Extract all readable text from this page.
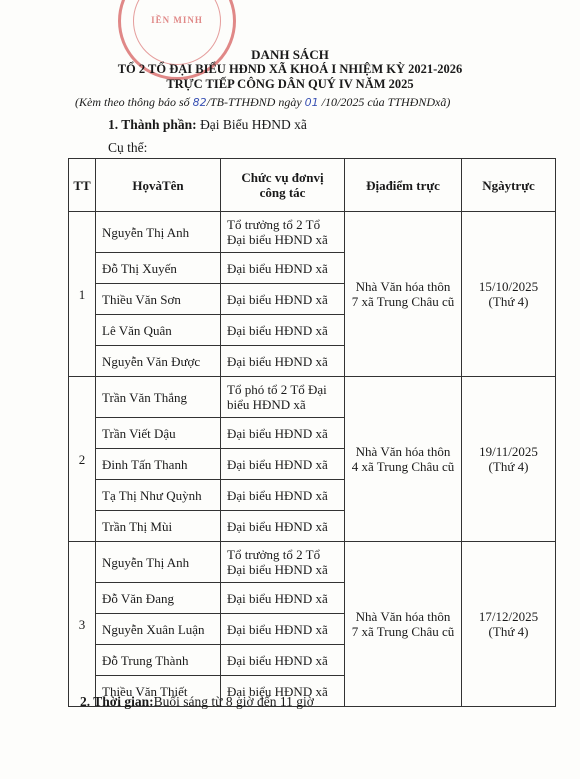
IỀN MINH
DANH SÁCH
TỔ 2 TỔ ĐẠI BIỂU HĐND XÃ KHOÁ I NHIỆM KỲ 2021-2026
TRỰC TIẾP CÔNG DÂN QUÝ IV NĂM 2025
(Kèm theo thông báo số 82/TB-TTHĐND ngày 01 /10/2025 của TTHĐNDxã)
1. Thành phần: Đại Biểu HĐND xã
Cụ thể:
TT	HọvàTên	Chức vụ đơnvị công tác	Địađiểm trực	Ngàytrực
1	Nguyễn Thị Anh	Tổ trưởng tổ 2 Tổ Đại biểu HĐND xã	Nhà Văn hóa thôn 7 xã Trung Châu cũ	15/10/2025 (Thứ 4)
	Đỗ Thị Xuyến	Đại biểu HĐND xã		
	Thiều Văn Sơn	Đại biểu HĐND xã		
	Lê Văn Quân	Đại biểu HĐND xã		
	Nguyễn Văn Được	Đại biểu HĐND xã		
2	Trần Văn Thắng	Tổ phó tổ 2 Tổ Đại biểu HĐND xã	Nhà Văn hóa thôn 4 xã Trung Châu cũ	19/11/2025 (Thứ 4)
	Trần Viết Dậu	Đại biểu HĐND xã		
	Đinh Tấn Thanh	Đại biểu HĐND xã		
	Tạ Thị Như Quỳnh	Đại biểu HĐND xã		
	Trần Thị Mùi	Đại biểu HĐND xã		
3	Nguyễn Thị Anh	Tổ trưởng tổ 2 Tổ Đại biểu HĐND xã	Nhà Văn hóa thôn 7 xã Trung Châu cũ	17/12/2025 (Thứ 4)
	Đỗ Văn Đang	Đại biểu HĐND xã		
	Nguyễn Xuân Luận	Đại biểu HĐND xã		
	Đỗ Trung Thành	Đại biểu HĐND xã		
	Thiều Văn Thiết	Đại biểu HĐND xã		
2. Thời gian:Buổi sáng từ 8 giờ đến 11 giờ
